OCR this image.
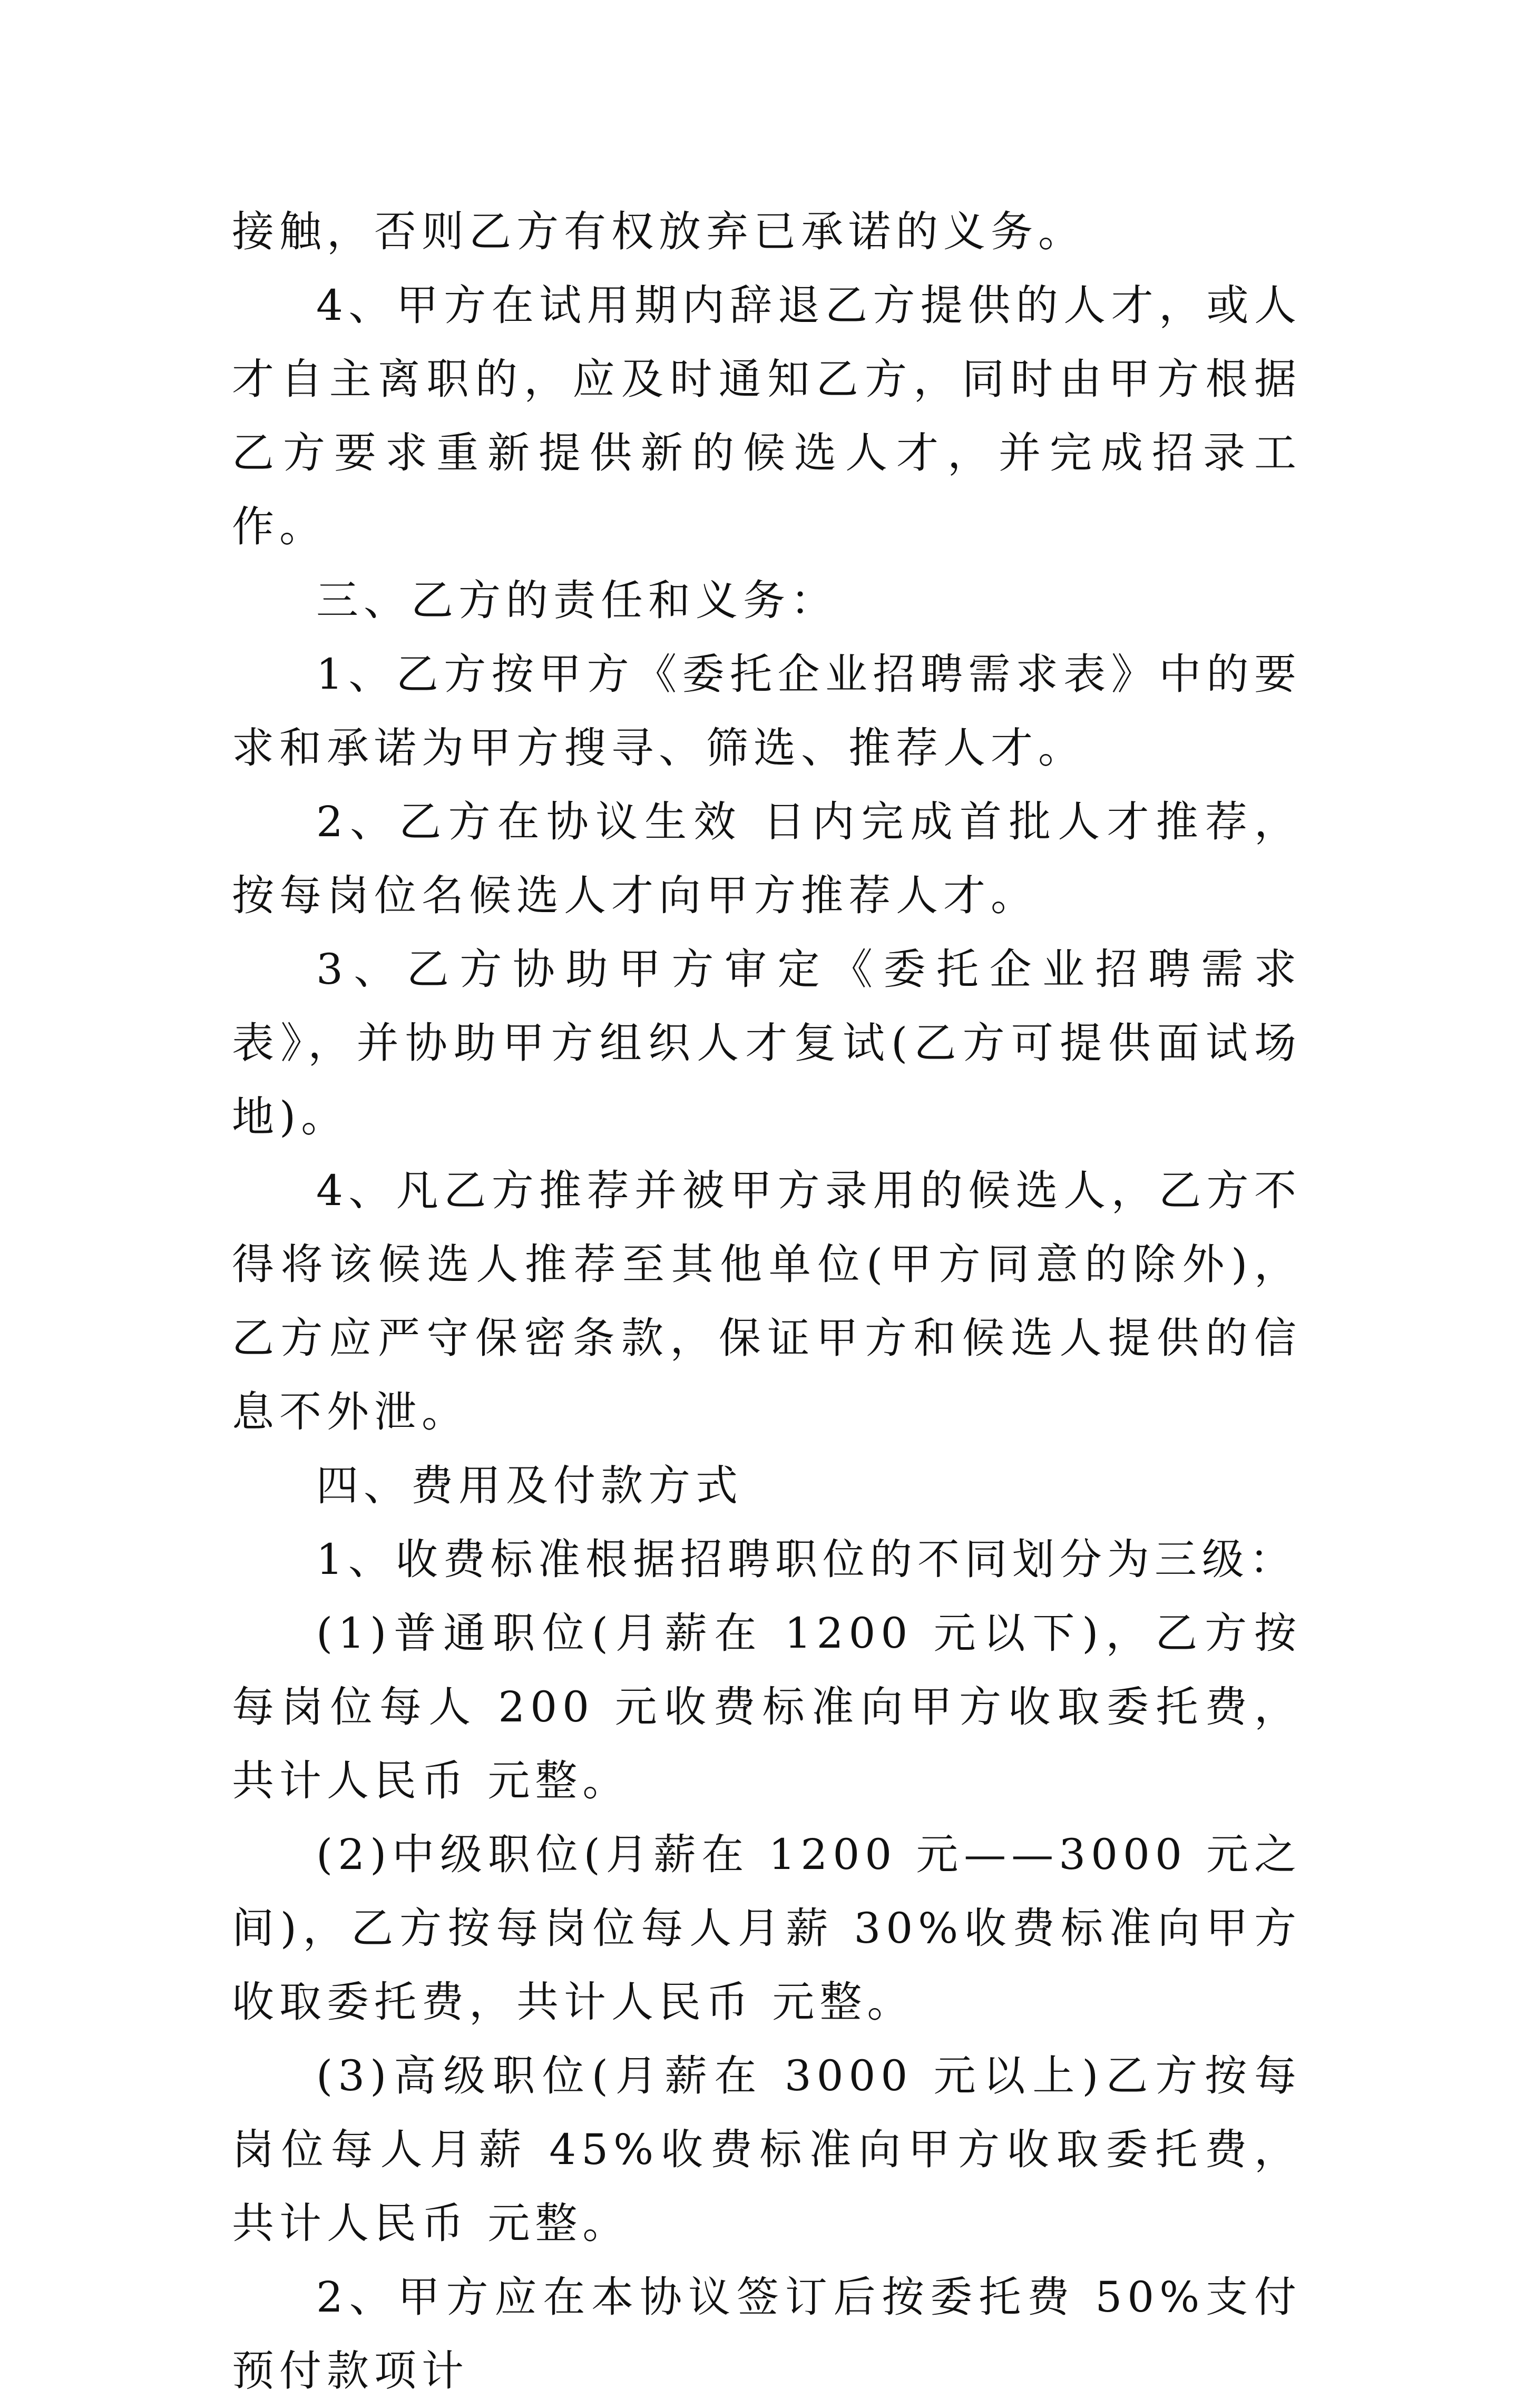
接触，否则乙方有权放弃已承诺的义务。

4、甲方在试用期内辞退乙方提供的人才，或人才自主离职的，应及时通知乙方，同时由甲方根据乙方要求重新提供新的候选人才，并完成招录工作。

三、乙方的责任和义务：

1、乙方按甲方《委托企业招聘需求表》中的要求和承诺为甲方搜寻、筛选、推荐人才。

2、乙方在协议生效 日内完成首批人才推荐，按每岗位名候选人才向甲方推荐人才。

3、乙方协助甲方审定《委托企业招聘需求表》，并协助甲方组织人才复试(乙方可提供面试场地)。

4、凡乙方推荐并被甲方录用的候选人，乙方不得将该候选人推荐至其他单位(甲方同意的除外)，乙方应严守保密条款，保证甲方和候选人提供的信息不外泄。

四、费用及付款方式

1、收费标准根据招聘职位的不同划分为三级：

(1)普通职位(月薪在 1200 元以下)，乙方按每岗位每人 200 元收费标准向甲方收取委托费，共计人民币 元整。

(2)中级职位(月薪在 1200 元——3000 元之间)，乙方按每岗位每人月薪 30%收费标准向甲方收取委托费，共计人民币 元整。

(3)高级职位(月薪在 3000 元以上)乙方按每岗位每人月薪 45%收费标准向甲方收取委托费，共计人民币 元整。

2、甲方应在本协议签订后按委托费 50%支付预付款项计
